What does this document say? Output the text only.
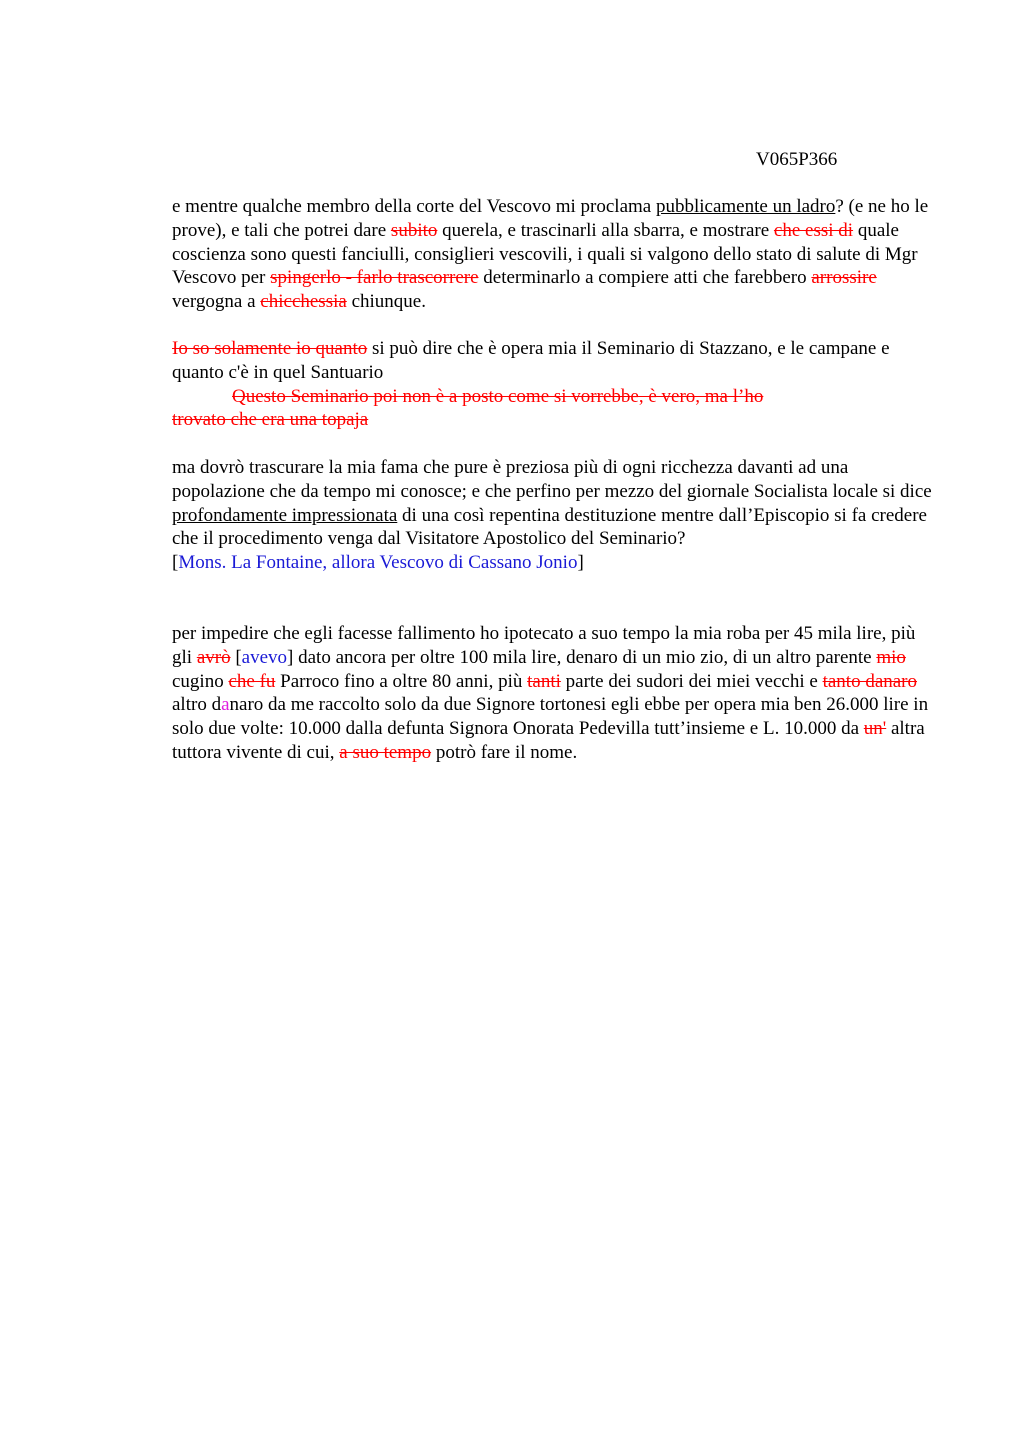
V065P366

e mentre qualche membro della corte del Vescovo mi proclama pubblicamente un ladro? (e ne ho le prove), e tali che potrei dare subito querela, e trascinarli alla sbarra, e mostrare che essi di quale coscienza sono questi fanciulli, consiglieri vescovili, i quali si valgono dello stato di salute di Mgr Vescovo per spingerlo - farlo trascorrere determinarlo a compiere atti che farebbero arrossire vergogna a chicchessia chiunque.

Io so solamente io quanto si può dire che è opera mia il Seminario di Stazzano, e le campane e quanto c'è in quel Santuario
Questo Seminario poi non è a posto come si vorrebbe, è vero, ma l’ho
trovato che era una topaja

ma dovrò trascurare la mia fama che pure è preziosa più di ogni ricchezza davanti ad una popolazione che da tempo mi conosce; e che perfino per mezzo del giornale Socialista locale si dice profondamente impressionata di una così repentina destituzione mentre dall’Episcopio si fa credere che il procedimento venga dal Visitatore Apostolico del Seminario?
[Mons. La Fontaine, allora Vescovo di Cassano Jonio]

per impedire che egli facesse fallimento ho ipotecato a suo tempo la mia roba per 45 mila lire, più gli avrò [avevo] dato ancora per oltre 100 mila lire, denaro di un mio zio, di un altro parente mio cugino che fu Parroco fino a oltre 80 anni, più tanti parte dei sudori dei miei vecchi e tanto danaro altro danaro da me raccolto solo da due Signore tortonesi egli ebbe per opera mia ben 26.000 lire in solo due volte: 10.000 dalla defunta Signora Onorata Pedevilla tutt’insieme e L. 10.000 da un' altra tuttora vivente di cui, a suo tempo potrò fare il nome.
